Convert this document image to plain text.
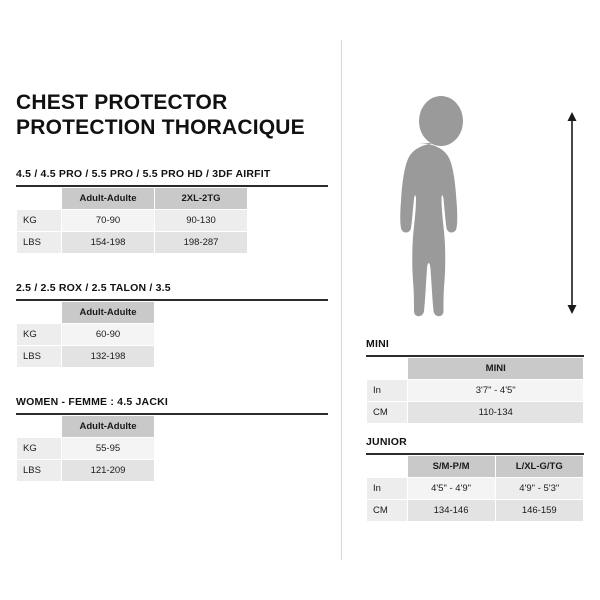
CHEST PROTECTOR
PROTECTION THORACIQUE
4.5 / 4.5 PRO / 5.5 PRO / 5.5 PRO HD / 3DF AIRFIT
	Adult-Adulte	2XL-2TG
KG	70-90	90-130
LBS	154-198	198-287
2.5 / 2.5 ROX / 2.5 TALON / 3.5
	Adult-Adulte
KG	60-90
LBS	132-198
WOMEN - FEMME : 4.5 JACKI
	Adult-Adulte
KG	55-95
LBS	121-209
MINI
	MINI
In	3'7" - 4'5"
CM	110-134
JUNIOR
	S/M-P/M	L/XL-G/TG
In	4'5" - 4'9"	4'9" - 5'3"
CM	134-146	146-159
